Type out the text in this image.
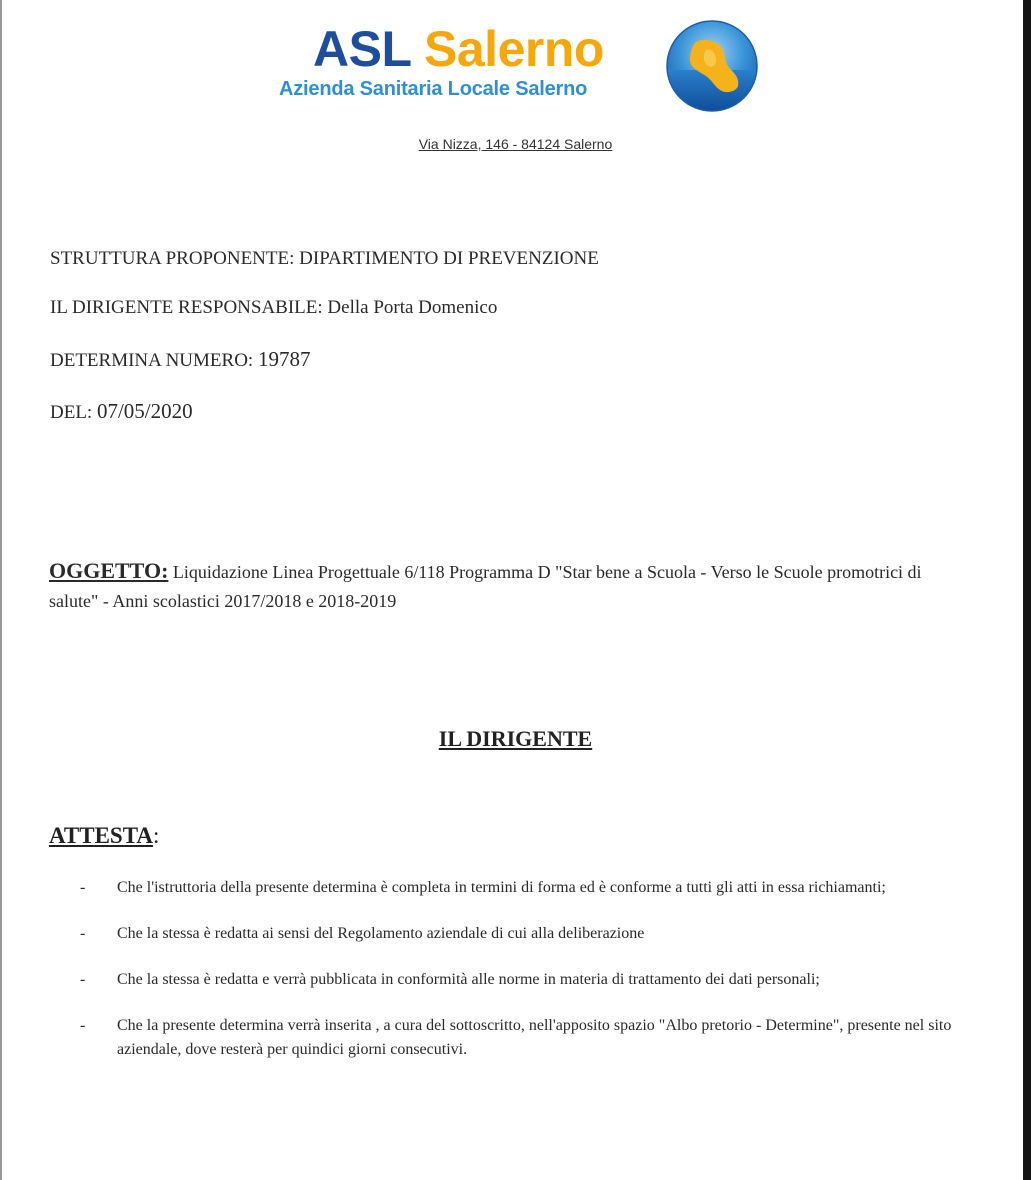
ASL Salerno
Azienda Sanitaria Locale Salerno
Via Nizza, 146 - 84124 Salerno
STRUTTURA PROPONENTE: DIPARTIMENTO DI PREVENZIONE
IL DIRIGENTE RESPONSABILE: Della Porta Domenico
DETERMINA NUMERO: 19787
DEL: 07/05/2020
OGGETTO: Liquidazione Linea Progettuale 6/118 Programma D "Star bene a Scuola - Verso le Scuole promotrici di salute" - Anni scolastici 2017/2018 e 2018-2019
IL DIRIGENTE
ATTESTA:
- Che l'istruttoria della presente determina è completa in termini di forma ed è conforme a tutti gli atti in essa richiamanti;
- Che la stessa è redatta ai sensi del Regolamento aziendale di cui alla deliberazione
- Che la stessa è redatta e verrà pubblicata in conformità alle norme in materia di trattamento dei dati personali;
- Che la presente determina verrà inserita , a cura del sottoscritto, nell'apposito spazio "Albo pretorio - Determine", presente nel sito aziendale, dove resterà per quindici giorni consecutivi.
